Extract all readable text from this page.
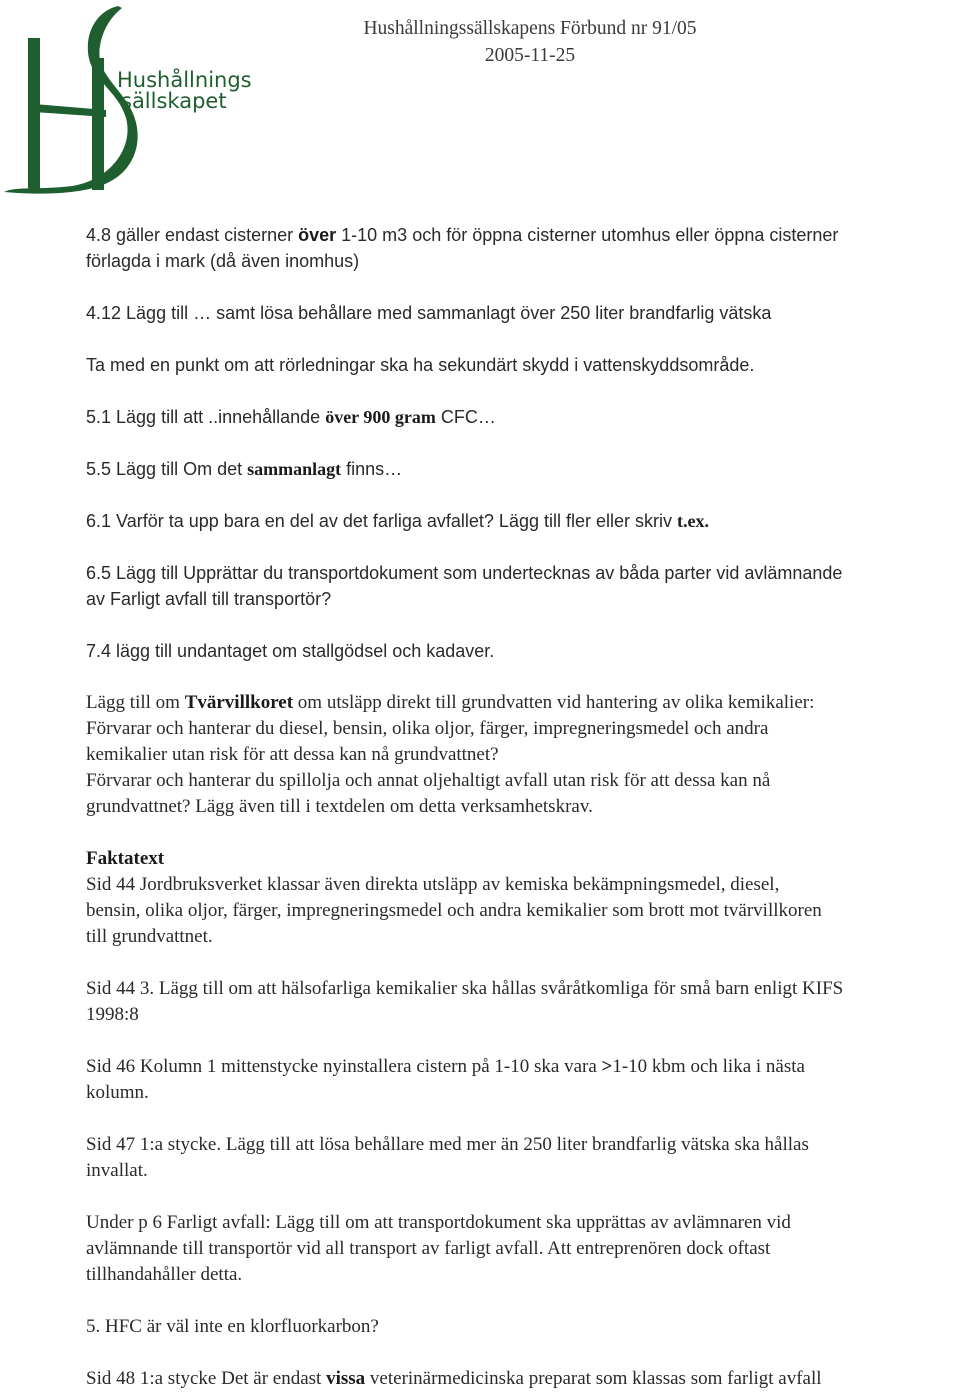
Hushållnings
sällskapet
Hushållningssällskapens Förbund nr 91/05
2005-11-25

4.8 gäller endast cisterner över 1-10 m3 och för öppna cisterner utomhus eller öppna cisterner

förlagda i mark (då även inomhus)

4.12 Lägg till … samt lösa behållare med sammanlagt över 250 liter brandfarlig vätska

Ta med en punkt om att rörledningar ska ha sekundärt skydd i vattenskyddsområde.

5.1 Lägg till att ..innehållande över 900 gram CFC…

5.5 Lägg till Om det sammanlagt finns…

6.1 Varför ta upp bara en del av det farliga avfallet? Lägg till fler eller skriv t.ex.

6.5 Lägg till Upprättar du transportdokument som undertecknas av båda parter vid avlämnande

av Farligt avfall till transportör?

7.4 lägg till undantaget om stallgödsel och kadaver.

Lägg till om Tvärvillkoret om utsläpp direkt till grundvatten vid hantering av olika kemikalier:

Förvarar och hanterar du diesel, bensin, olika oljor, färger, impregneringsmedel och andra

kemikalier utan risk för att dessa kan nå grundvattnet?

Förvarar och hanterar du spillolja och annat oljehaltigt avfall utan risk för att dessa kan nå

grundvattnet? Lägg även till i textdelen om detta verksamhetskrav.

Faktatext

Sid 44 Jordbruksverket klassar även direkta utsläpp av kemiska bekämpningsmedel, diesel,

bensin, olika oljor, färger, impregneringsmedel och andra kemikalier som brott mot tvärvillkoren

till grundvattnet.

Sid 44 3. Lägg till om att hälsofarliga kemikalier ska hållas svåråtkomliga för små barn enligt KIFS

1998:8

Sid 46 Kolumn 1 mittenstycke nyinstallera cistern på 1-10 ska vara >1-10 kbm och lika i nästa

kolumn.

Sid 47 1:a stycke. Lägg till att lösa behållare med mer än 250 liter brandfarlig vätska ska hållas

invallat.

Under p 6 Farligt avfall: Lägg till om att transportdokument ska upprättas av avlämnaren vid

avlämnande till transportör vid all transport av farligt avfall. Att entreprenören dock oftast

tillhandahåller detta.

5. HFC är väl inte en klorfluorkarbon?

Sid 48 1:a stycke Det är endast vissa veterinärmedicinska preparat som klassas som farligt avfall
